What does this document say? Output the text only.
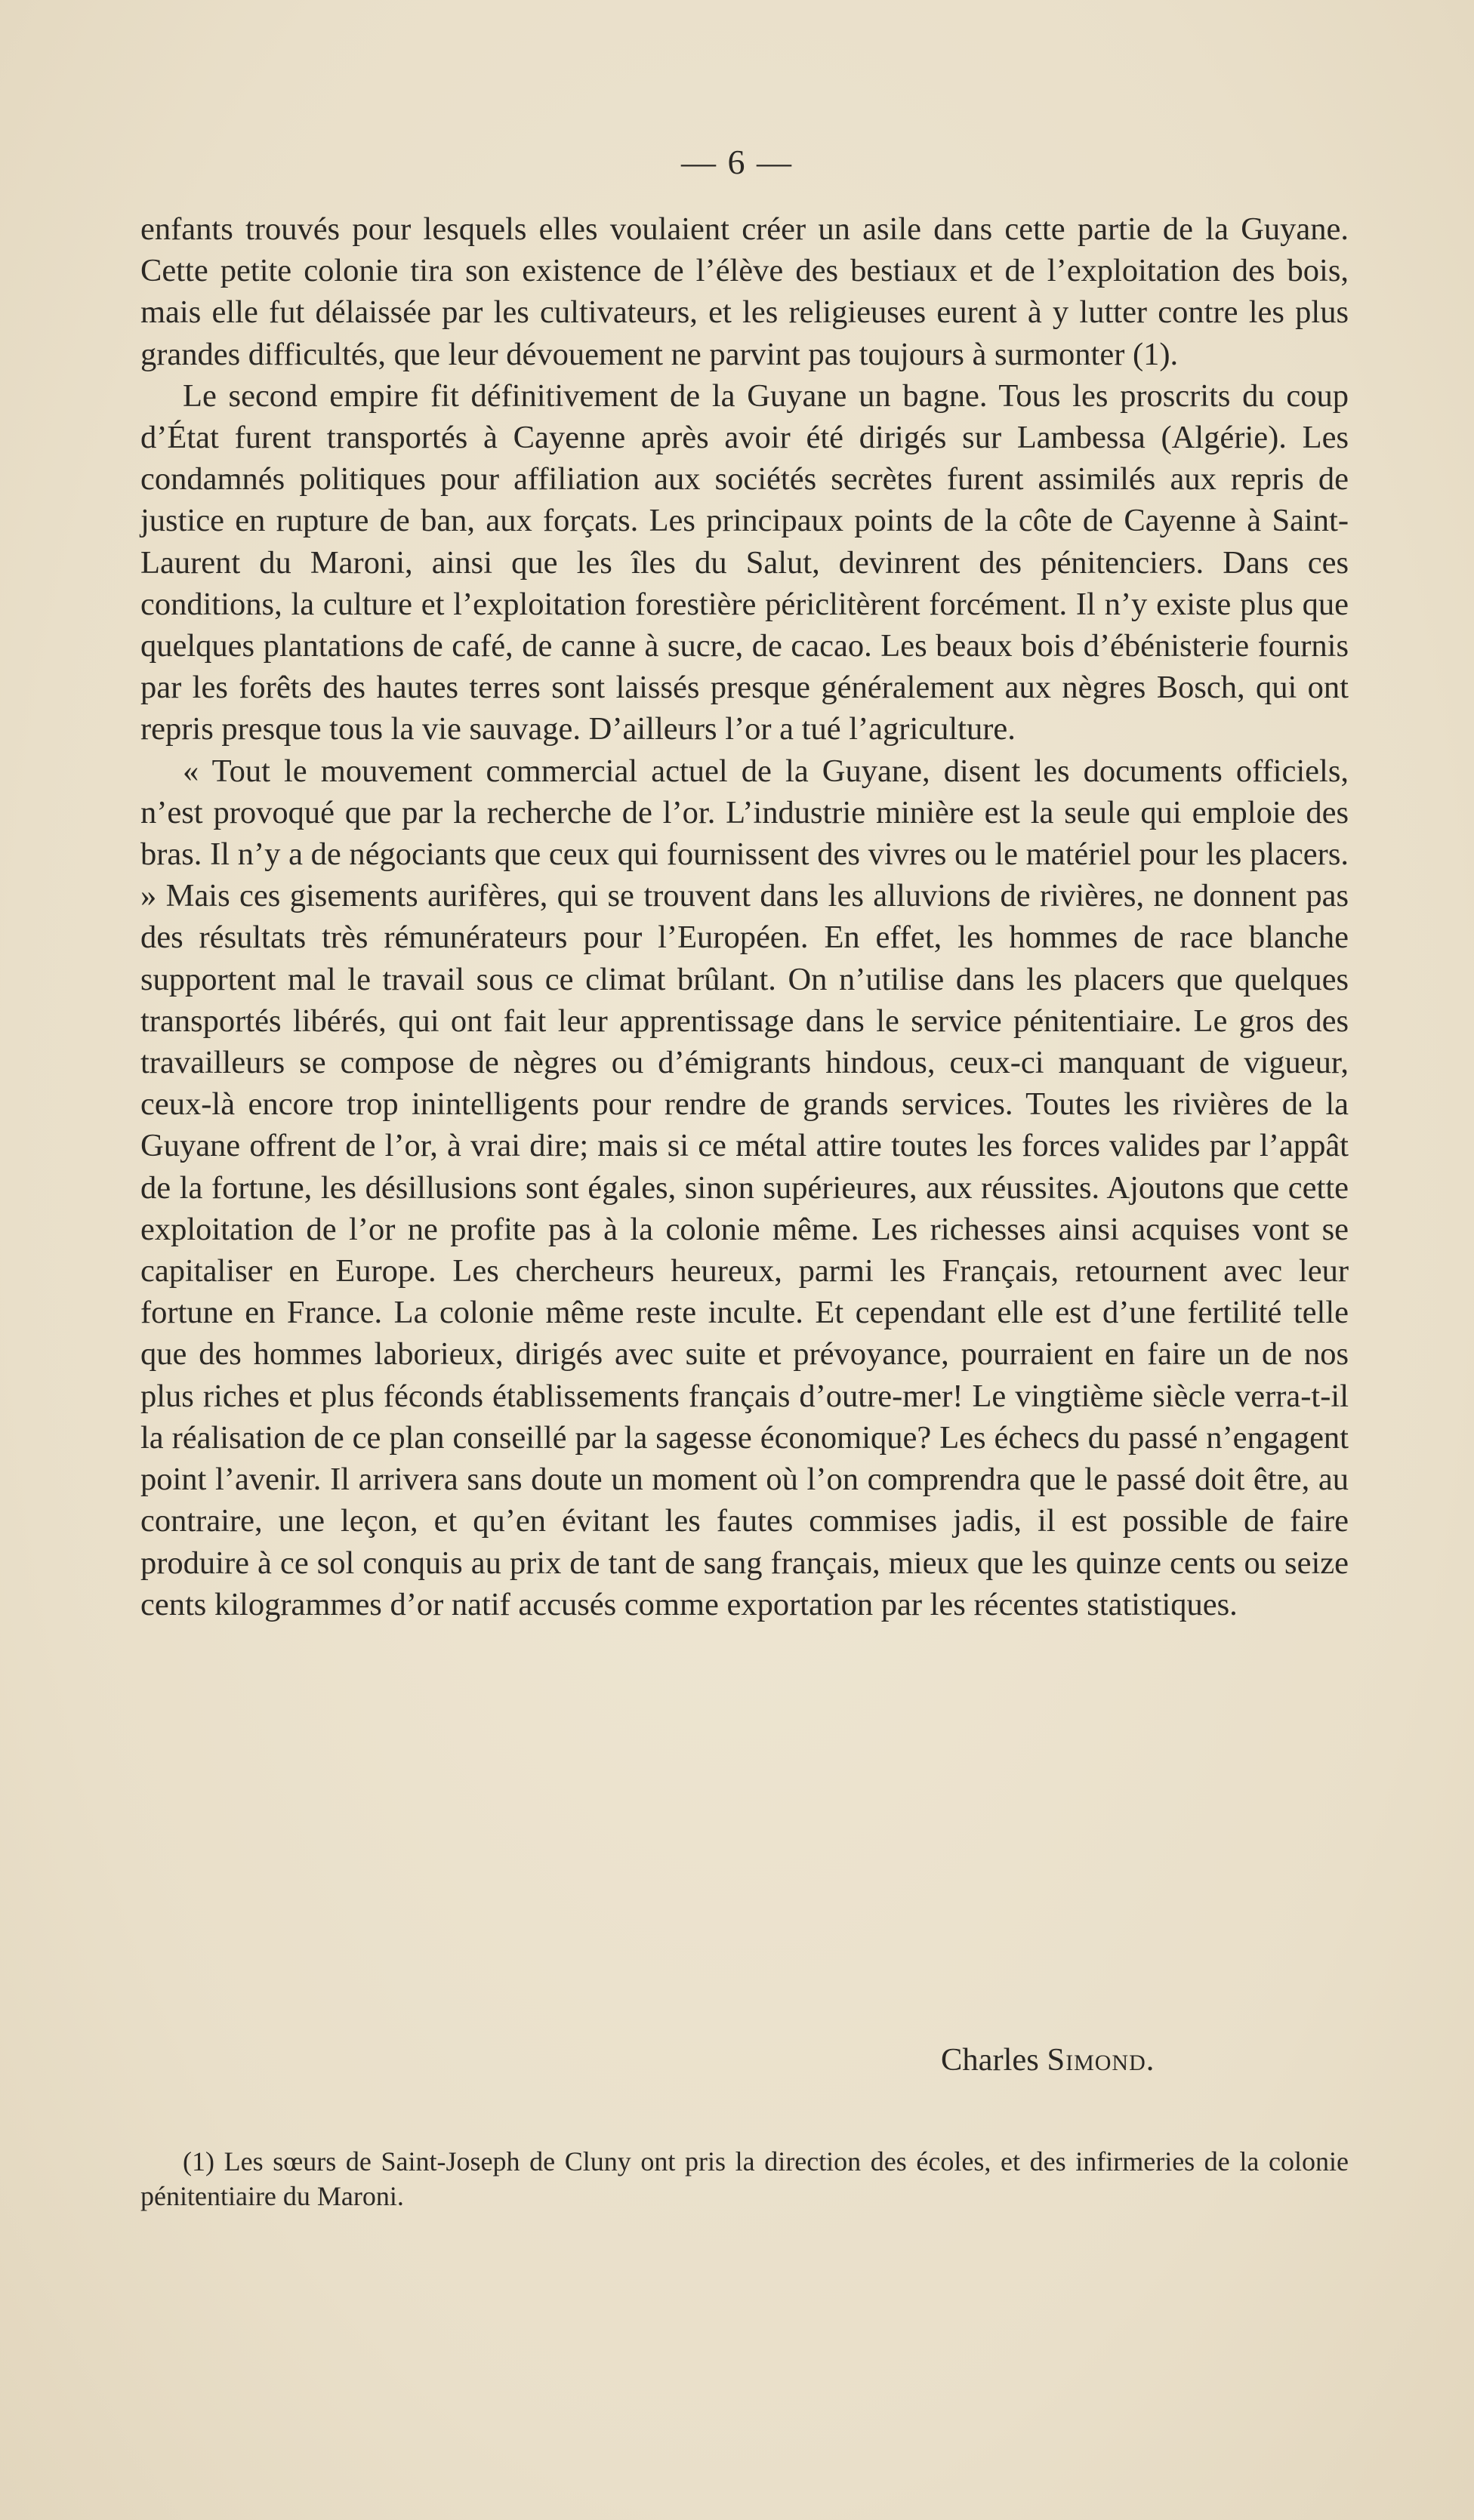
— 6 —

enfants trouvés pour lesquels elles voulaient créer un asile dans cette partie de la Guyane. Cette petite colonie tira son existence de l’élève des bestiaux et de l’exploitation des bois, mais elle fut délaissée par les cultivateurs, et les religieuses eurent à y lutter contre les plus grandes difficultés, que leur dévouement ne parvint pas toujours à surmonter (1).

Le second empire fit définitivement de la Guyane un bagne. Tous les proscrits du coup d’État furent transportés à Cayenne après avoir été dirigés sur Lambessa (Algérie). Les condamnés politiques pour affiliation aux sociétés secrètes furent assimilés aux repris de justice en rupture de ban, aux forçats. Les principaux points de la côte de Cayenne à Saint-Laurent du Maroni, ainsi que les îles du Salut, devinrent des pénitenciers. Dans ces conditions, la culture et l’exploitation forestière périclitèrent forcément. Il n’y existe plus que quelques plantations de café, de canne à sucre, de cacao. Les beaux bois d’ébénisterie fournis par les forêts des hautes terres sont laissés presque généralement aux nègres Bosch, qui ont repris presque tous la vie sauvage. D’ailleurs l’or a tué l’agriculture.

« Tout le mouvement commercial actuel de la Guyane, disent les documents officiels, n’est provoqué que par la recherche de l’or. L’industrie minière est la seule qui emploie des bras. Il n’y a de négociants que ceux qui fournissent des vivres ou le matériel pour les placers. » Mais ces gisements aurifères, qui se trouvent dans les alluvions de rivières, ne donnent pas des résultats très rémunérateurs pour l’Européen. En effet, les hommes de race blanche supportent mal le travail sous ce climat brûlant. On n’utilise dans les placers que quelques transportés libérés, qui ont fait leur apprentissage dans le service pénitentiaire. Le gros des travailleurs se compose de nègres ou d’émigrants hindous, ceux-ci manquant de vigueur, ceux-là encore trop inintelligents pour rendre de grands services. Toutes les rivières de la Guyane offrent de l’or, à vrai dire; mais si ce métal attire toutes les forces valides par l’appât de la fortune, les désillusions sont égales, sinon supérieures, aux réussites. Ajoutons que cette exploitation de l’or ne profite pas à la colonie même. Les richesses ainsi acquises vont se capitaliser en Europe. Les chercheurs heureux, parmi les Français, retournent avec leur fortune en France. La colonie même reste inculte. Et cependant elle est d’une fertilité telle que des hommes laborieux, dirigés avec suite et prévoyance, pourraient en faire un de nos plus riches et plus féconds établissements français d’outre-mer! Le vingtième siècle verra-t-il la réalisation de ce plan conseillé par la sagesse économique? Les échecs du passé n’engagent point l’avenir. Il arrivera sans doute un moment où l’on comprendra que le passé doit être, au contraire, une leçon, et qu’en évitant les fautes commises jadis, il est possible de faire produire à ce sol conquis au prix de tant de sang français, mieux que les quinze cents ou seize cents kilogrammes d’or natif accusés comme exportation par les récentes statistiques.

Charles Simond.
(1) Les sœurs de Saint-Joseph de Cluny ont pris la direction des écoles, et des infirmeries de la colonie pénitentiaire du Maroni.
